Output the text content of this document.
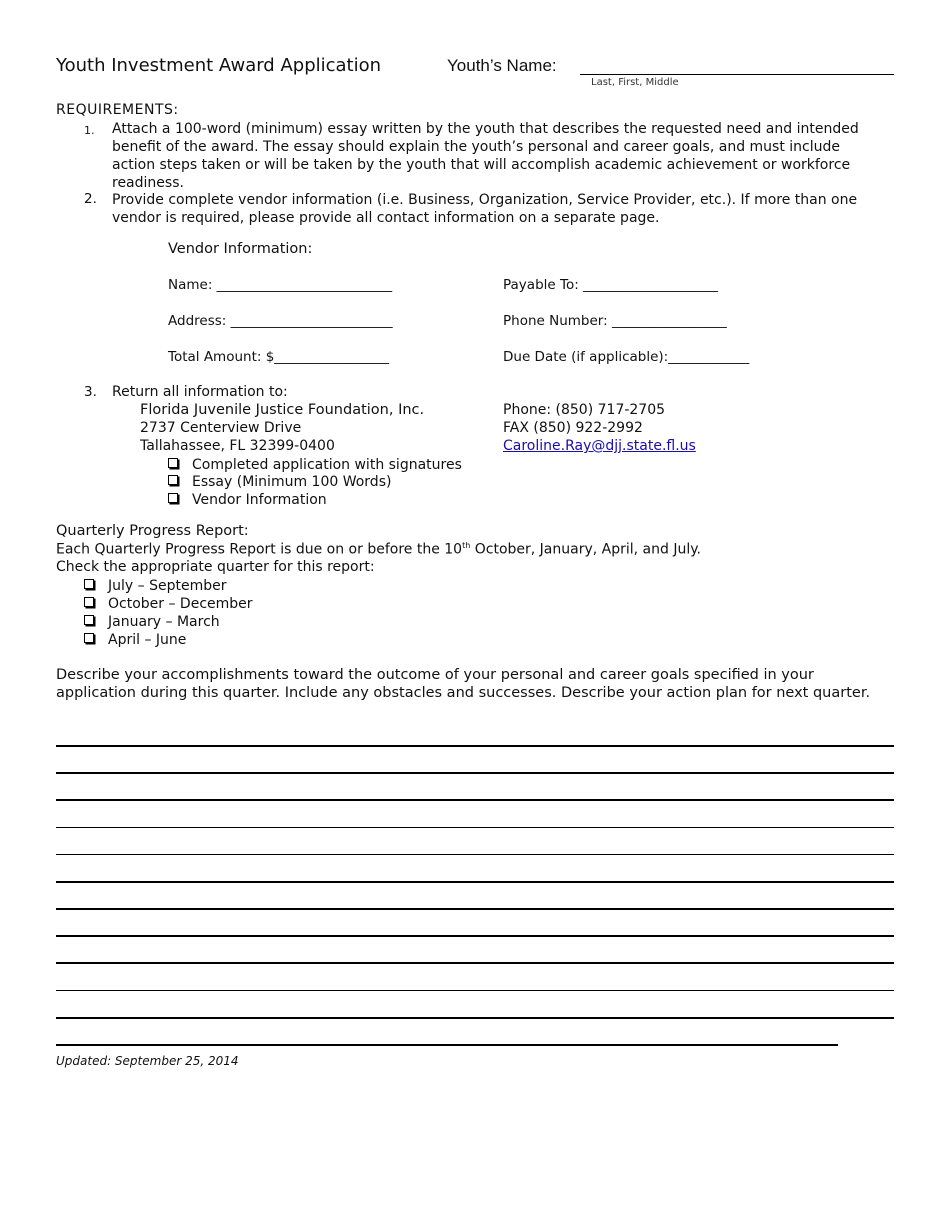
Youth Investment Award Application	Youth’s Name:
Last, First, Middle
REQUIREMENTS:
1. Attach a 100-word (minimum) essay written by the youth that describes the requested need and intended benefit of the award. The essay should explain the youth’s personal and career goals, and must include action steps taken or will be taken by the youth that will accomplish academic achievement or workforce readiness.
2. Provide complete vendor information (i.e. Business, Organization, Service Provider, etc.). If more than one vendor is required, please provide all contact information on a separate page.
Vendor Information:
Name: __________________________	Payable To: ____________________
Address: ________________________	Phone Number: _________________
Total Amount: $_________________	Due Date (if applicable):____________
3. Return all information to:
Florida Juvenile Justice Foundation, Inc.
2737 Centerview Drive
Tallahassee, FL 32399-0400
Phone: (850) 717-2705
FAX (850) 922-2992
Caroline.Ray@djj.state.fl.us
Completed application with signatures
Essay (Minimum 100 Words)
Vendor Information
Quarterly Progress Report:
Each Quarterly Progress Report is due on or before the 10th October, January, April, and July.
Check the appropriate quarter for this report:
July – September
October – December
January – March
April – June
Describe your accomplishments toward the outcome of your personal and career goals specified in your application during this quarter. Include any obstacles and successes. Describe your action plan for next quarter.
Updated: September 25, 2014
